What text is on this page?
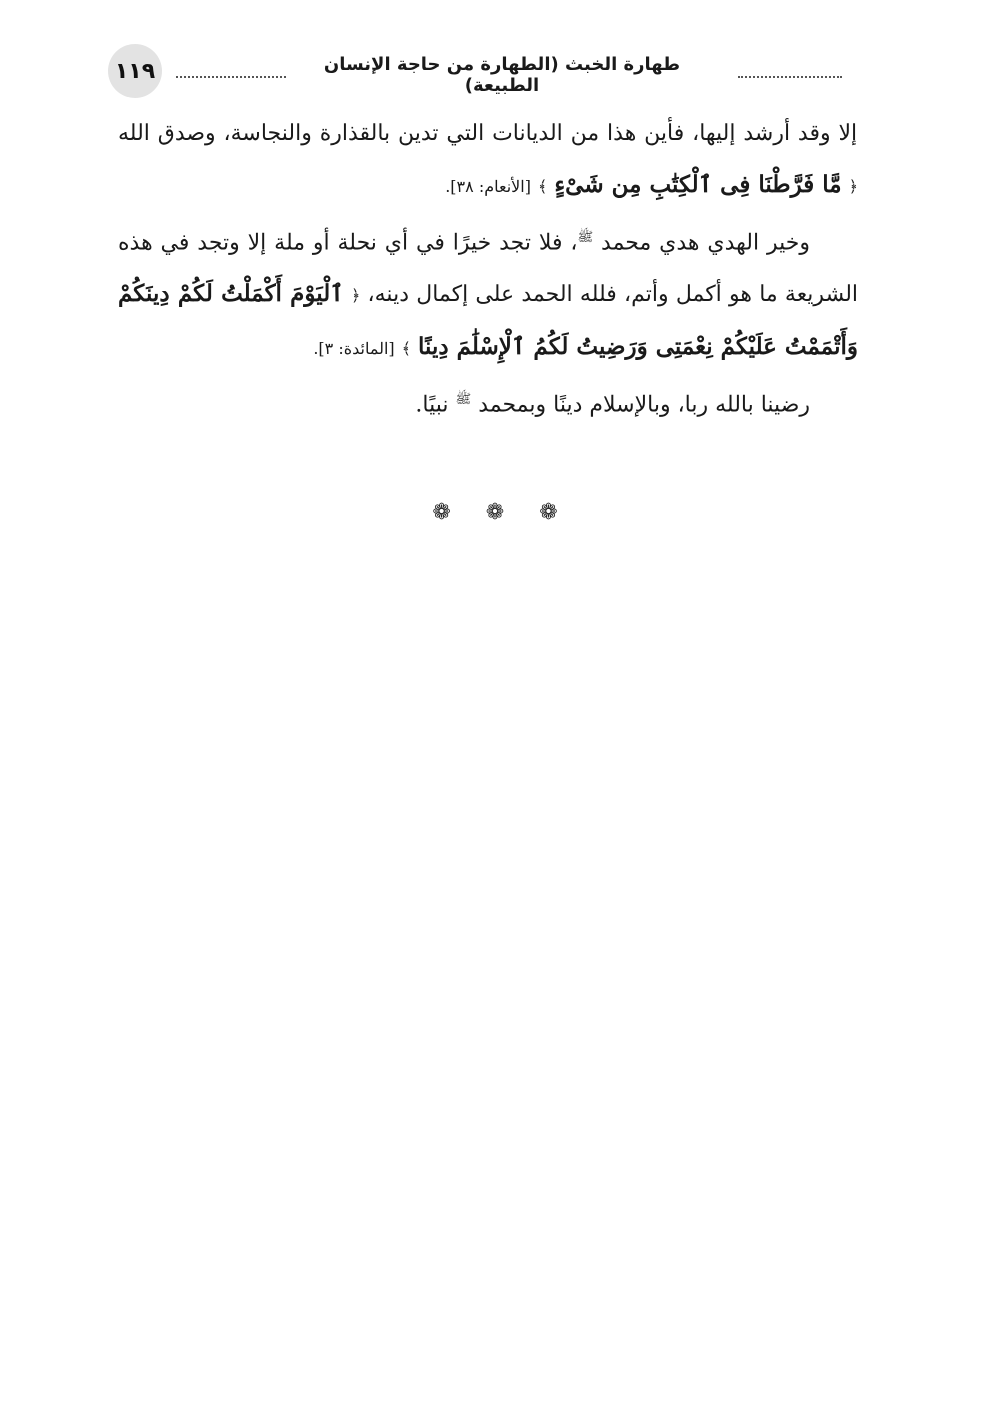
١١٩	طهارة الخبث (الطهارة من حاجة الإنسان الطبيعة)

إلا وقد أرشد إليها، فأين هذا من الديانات التي تدين بالقذارة والنجاسة، وصدق الله ﴿ مَّا فَرَّطْنَا فِى ٱلْكِتَٰبِ مِن شَىْءٍ ﴾ [الأنعام: ٣٨].

وخير الهدي هدي محمد $^ﷺ$، فلا تجد خيرًا في أي نحلة أو ملة إلا وتجد في هذه الشريعة ما هو أكمل وأتم، فلله الحمد على إكمال دينه، ﴿ ٱلْيَوْمَ أَكْمَلْتُ لَكُمْ دِينَكُمْ وَأَتْمَمْتُ عَلَيْكُمْ نِعْمَتِى وَرَضِيتُ لَكُمُ ٱلْإِسْلَٰمَ دِينًا ﴾ [المائدة: ٣].

رضينا بالله ربا، وبالإسلام دينًا وبمحمد $^ﷺ$ نبيًا.

❁ ❁ ❁
